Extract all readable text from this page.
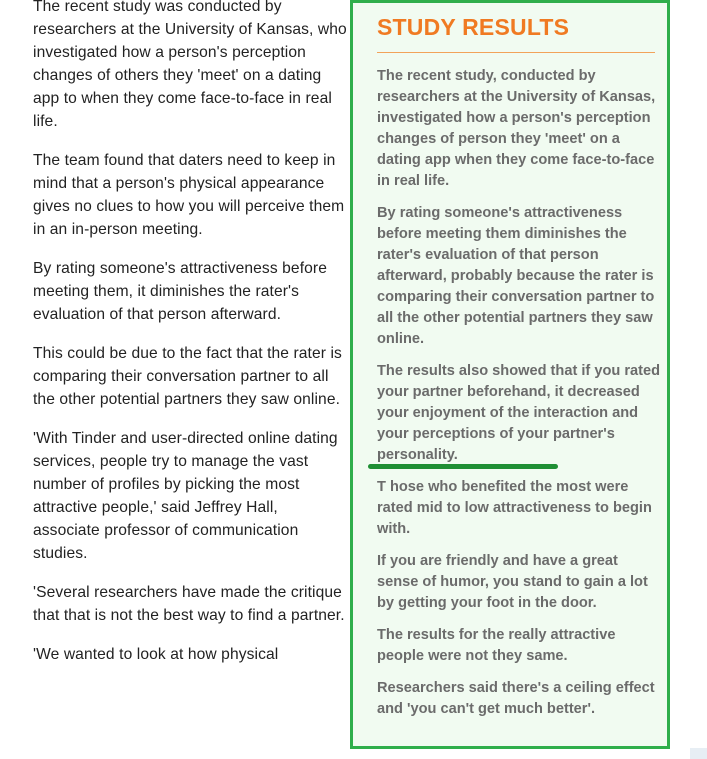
The recent study was conducted by researchers at the University of Kansas, who investigated how a person's perception changes of others they 'meet' on a dating app to when they come face-to-face in real life.

The team found that daters need to keep in mind that a person's physical appearance gives no clues to how you will perceive them in an in-person meeting.

By rating someone's attractiveness before meeting them, it diminishes the rater's evaluation of that person afterward.

This could be due to the fact that the rater is comparing their conversation partner to all the other potential partners they saw online.

'With Tinder and user-directed online dating services, people try to manage the vast number of profiles by picking the most attractive people,' said Jeffrey Hall, associate professor of communication studies.

'Several researchers have made the critique that that is not the best way to find a partner.

'We wanted to look at how physical

STUDY RESULTS

The recent study, conducted by researchers at the University of Kansas, investigated how a person's perception changes of person they 'meet' on a dating app when they come face-to-face in real life.

By rating someone's attractiveness before meeting them diminishes the rater's evaluation of that person afterward, probably because the rater is comparing their conversation partner to all the other potential partners they saw online.

The results also showed that if you rated your partner beforehand, it decreased your enjoyment of the interaction and your perceptions of your partner's personality.

T hose who benefited the most were rated mid to low attractiveness to begin with.

If you are friendly and have a great sense of humor, you stand to gain a lot by getting your foot in the door.

The results for the really attractive people were not they same.

Researchers said there's a ceiling effect and 'you can't get much better'.
